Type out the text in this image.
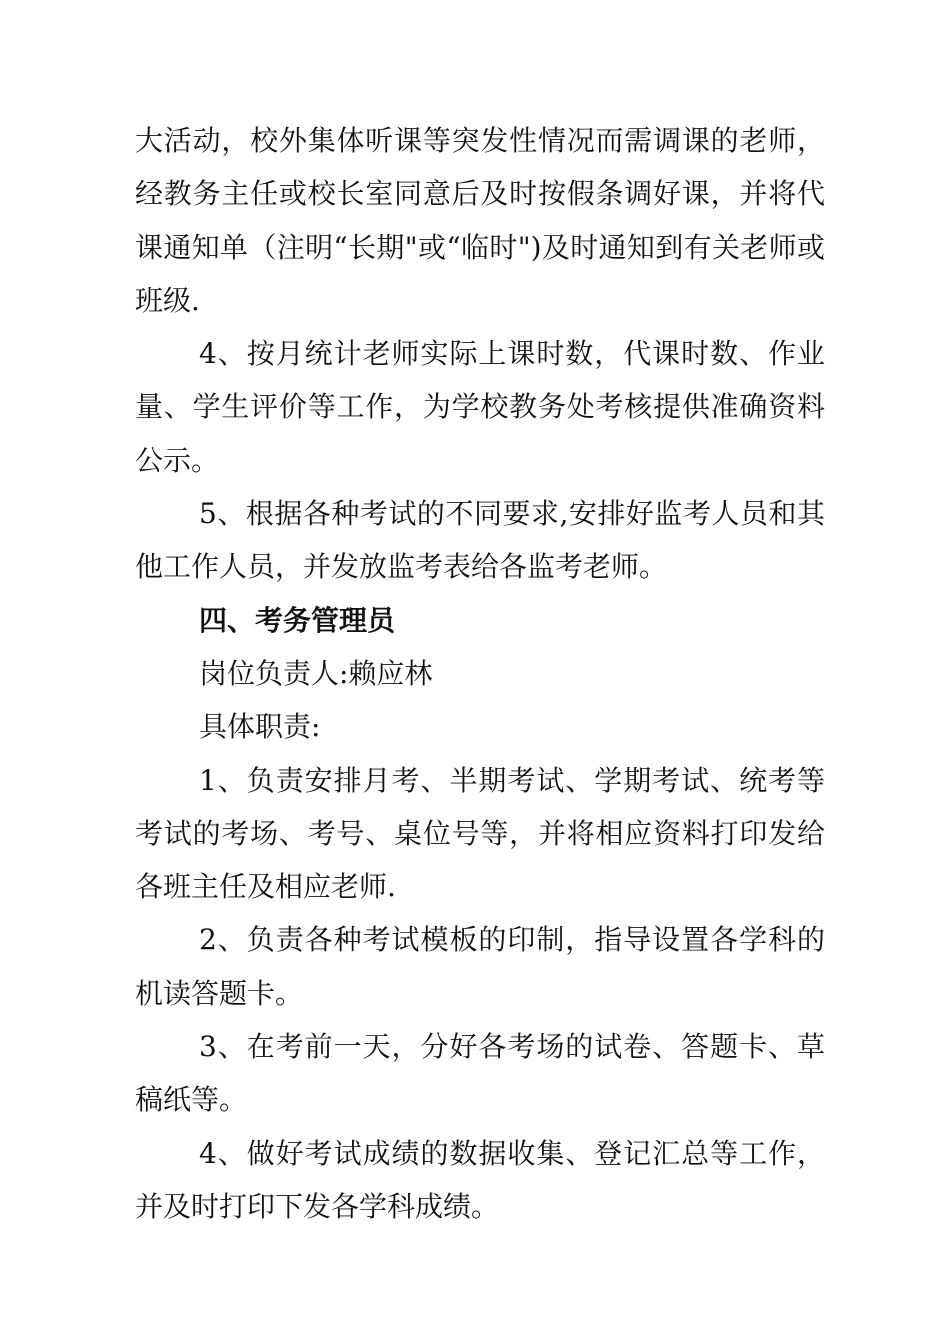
大活动，校外集体听课等突发性情况而需调课的老师，经教务主任或校长室同意后及时按假条调好课，并将代课通知单（注明“长期"或“临时")及时通知到有关老师或班级.

4、按月统计老师实际上课时数，代课时数、作业量、学生评价等工作，为学校教务处考核提供准确资料公示。

5、根据各种考试的不同要求,安排好监考人员和其他工作人员，并发放监考表给各监考老师。

四、考务管理员

岗位负责人:赖应林

具体职责:

1、负责安排月考、半期考试、学期考试、统考等考试的考场、考号、桌位号等，并将相应资料打印发给各班主任及相应老师.

2、负责各种考试模板的印制，指导设置各学科的机读答题卡。

3、在考前一天，分好各考场的试卷、答题卡、草稿纸等。

4、做好考试成绩的数据收集、登记汇总等工作，并及时打印下发各学科成绩。
